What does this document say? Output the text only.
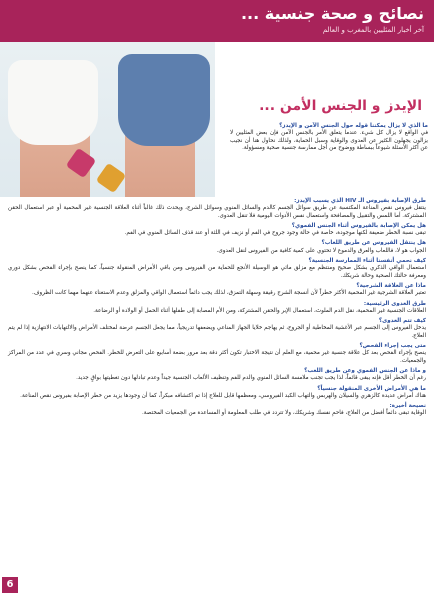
نصائح و صحة جنسية ...
آخر أخبار المثليين بالمغرب و العالم
الإيدز و الجنس الأمن ...
ما الذي لا يزال يمكننا قوله حول الجنس الآمن و الإيدز؟
في الواقع لا يزال كل شيء. عندما يتعلق الأمر بالجنس الآمن فإن بعض المثليين لا يزالون يجهلون الكثير عن العدوى والوقاية وسبل الحماية، ولذلك نحاول هنا أن نجيب عن أكثر الأسئلة شيوعاً ببساطة ووضوح من أجل ممارسة جنسية صحية ومسؤولة.
طرق الإصابة بفيروس الـ HIV الذي يسبب الإيدز:
ينتقل فيروس نقص المناعة المكتسبة عن طريق سوائل الجسم كالدم والسائل المنوي وسوائل الشرج، ويحدث ذلك غالباً أثناء العلاقة الجنسية غير المحمية أو عبر استعمال الحقن المشتركة. أما اللمس والتقبيل والمصافحة واستعمال نفس الأدوات اليومية فلا تنقل العدوى.
هل يمكن الإصابة بالفيروس أثناء الجنس الفموي؟
تبقى نسبة الخطر ضعيفة لكنها موجودة، خاصة في حالة وجود جروح في الفم أو نزيف في اللثة أو عند قذف السائل المنوي في الفم.
هل ينتقل الفيروس عن طريق اللعاب؟
الجواب هو لا، فاللعاب والعرق والدموع لا تحتوي على كمية كافية من الفيروس لنقل العدوى.
كيف نحمي أنفسنا أثناء الممارسة الجنسية؟
استعمال الواقي الذكري بشكل صحيح ومنتظم مع مزلق مائي هو الوسيلة الأنجع للحماية من الفيروس ومن باقي الأمراض المنقولة جنسياً، كما ينصح بإجراء الفحص بشكل دوري ومعرفة حالتك الصحية وحالة شريكك.
ماذا عن العلاقة الشرجية؟
تعتبر العلاقة الشرجية غير المحمية الأكثر خطراً لأن أنسجة الشرج رقيقة وسهلة التمزق، لذلك يجب دائماً استعمال الواقي والمزلق وعدم الاستغناء عنهما مهما كانت الظروف.
طرق العدوى الرئيسية:
العلاقات الجنسية غير المحمية، نقل الدم الملوث، استعمال الإبر والحقن المشتركة، ومن الأم المصابة إلى طفلها أثناء الحمل أو الولادة أو الرضاعة.
كيف تتم العدوى؟
يدخل الفيروس إلى الجسم عبر الأغشية المخاطية أو الجروح، ثم يهاجم خلايا الجهاز المناعي ويضعفها تدريجياً، مما يجعل الجسم عرضة لمختلف الأمراض والالتهابات الانتهازية إذا لم يتم العلاج.
متى يجب إجراء الفحص؟
ينصح بإجراء الفحص بعد كل علاقة جنسية غير محمية، مع العلم أن نتيجة الاختبار تكون أكثر دقة بعد مرور بضعة أسابيع على التعرض للخطر. الفحص مجاني وسري في عدد من المراكز والجمعيات.
و ماذا عن الجنس الفموي وعن طريق اللعب؟
رغم أن الخطر أقل فإنه يبقى قائماً، لذا يجب تجنب ملامسة السائل المنوي والدم للفم وتنظيف الألعاب الجنسية جيداً وعدم تبادلها دون تغطيتها بواقٍ جديد.
ما هي الأمراض الأخرى المنقولة جنسياً؟
هناك أمراض عديدة كالزهري والسيلان والهربس والتهاب الكبد الفيروسي، ومعظمها قابل للعلاج إذا تم اكتشافه مبكراً، كما أن وجودها يزيد من خطر الإصابة بفيروس نقص المناعة.
نصيحة أخيرة:
الوقاية تبقى دائماً أفضل من العلاج، فاحمِ نفسك وشريكك، ولا تتردد في طلب المعلومة أو المساعدة من الجمعيات المختصة.
6
